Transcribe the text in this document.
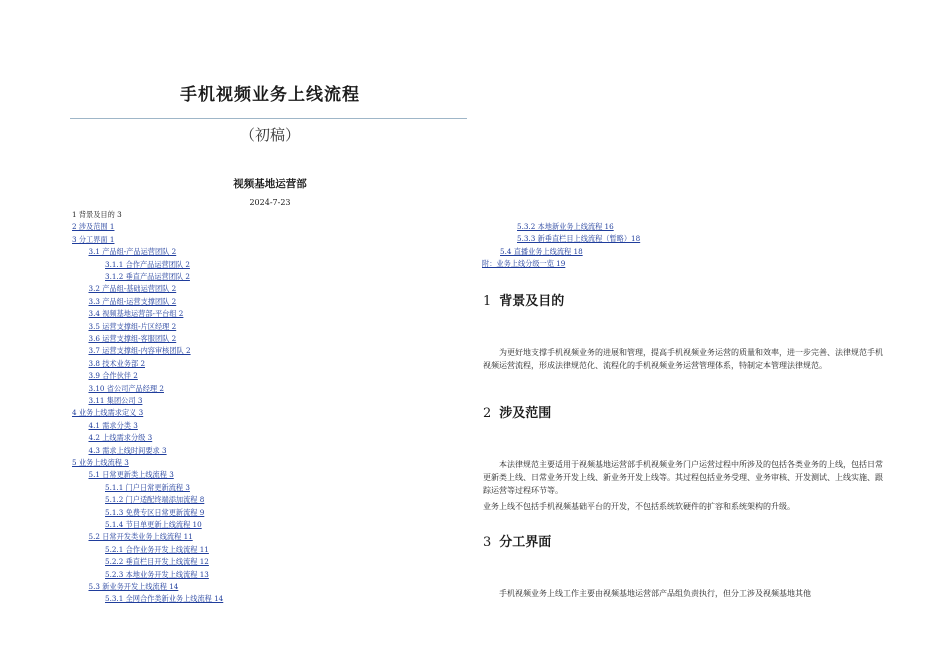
手机视频业务上线流程
（初稿）
视频基地运营部
2024-7-23
1 背景及目的 3
2 涉及范围 1
3 分工界面 1
3.1 产品组-产品运营团队 2
3.1.1 合作产品运营团队 2
3.1.2 垂直产品运营团队 2
3.2 产品组-基础运营团队 2
3.3 产品组-运营支撑团队 2
3.4 视频基地运营部-平台组 2
3.5 运营支撑组-片区经理 2
3.6 运营支撑组-客服团队 2
3.7 运营支撑组-内容审核团队 2
3.8 技术业务部 2
3.9 合作伙伴 2
3.10 省公司产品经理 2
3.11 集团公司 3
4 业务上线需求定义 3
4.1 需求分类 3
4.2 上线需求分级 3
4.3 需求上线时间要求 3
5 业务上线流程 3
5.1 日常更新类上线流程 3
5.1.1 门户日常更新流程 3
5.1.2 门户适配终端添加流程 8
5.1.3 免费专区日常更新流程 9
5.1.4 节目单更新上线流程 10
5.2 日常开发类业务上线流程 11
5.2.1 合作业务开发上线流程 11
5.2.2 垂直栏目开发上线流程 12
5.2.3 本地业务开发上线流程 13
5.3 新业务开发上线流程 14
5.3.1 全网合作类新业务上线流程 14
5.3.2 本地新业务上线流程 16
5.3.3 新垂直栏目上线流程（暂略）18
5.4 直播业务上线流程 18
附：业务上线分级一览 19
1 背景及目的
为更好地支撑手机视频业务的进展和管理，提高手机视频业务运营的质量和效率，进一步完善、法律规范手机视频运营流程，形成法律规范化、流程化的手机视频业务运营管理体系，特制定本管理法律规范。
2 涉及范围
本法律规范主要适用于视频基地运营部手机视频业务门户运营过程中所涉及的包括各类业务的上线，包括日常更新类上线、日常业务开发上线、新业务开发上线等。其过程包括业务受理、业务审核、开发测试、上线实施、跟踪运营等过程环节等。
业务上线不包括手机视频基础平台的开发，不包括系统软硬件的扩容和系统架构的升级。
3 分工界面
手机视频业务上线工作主要由视频基地运营部产品组负责执行，但分工涉及视频基地其他
